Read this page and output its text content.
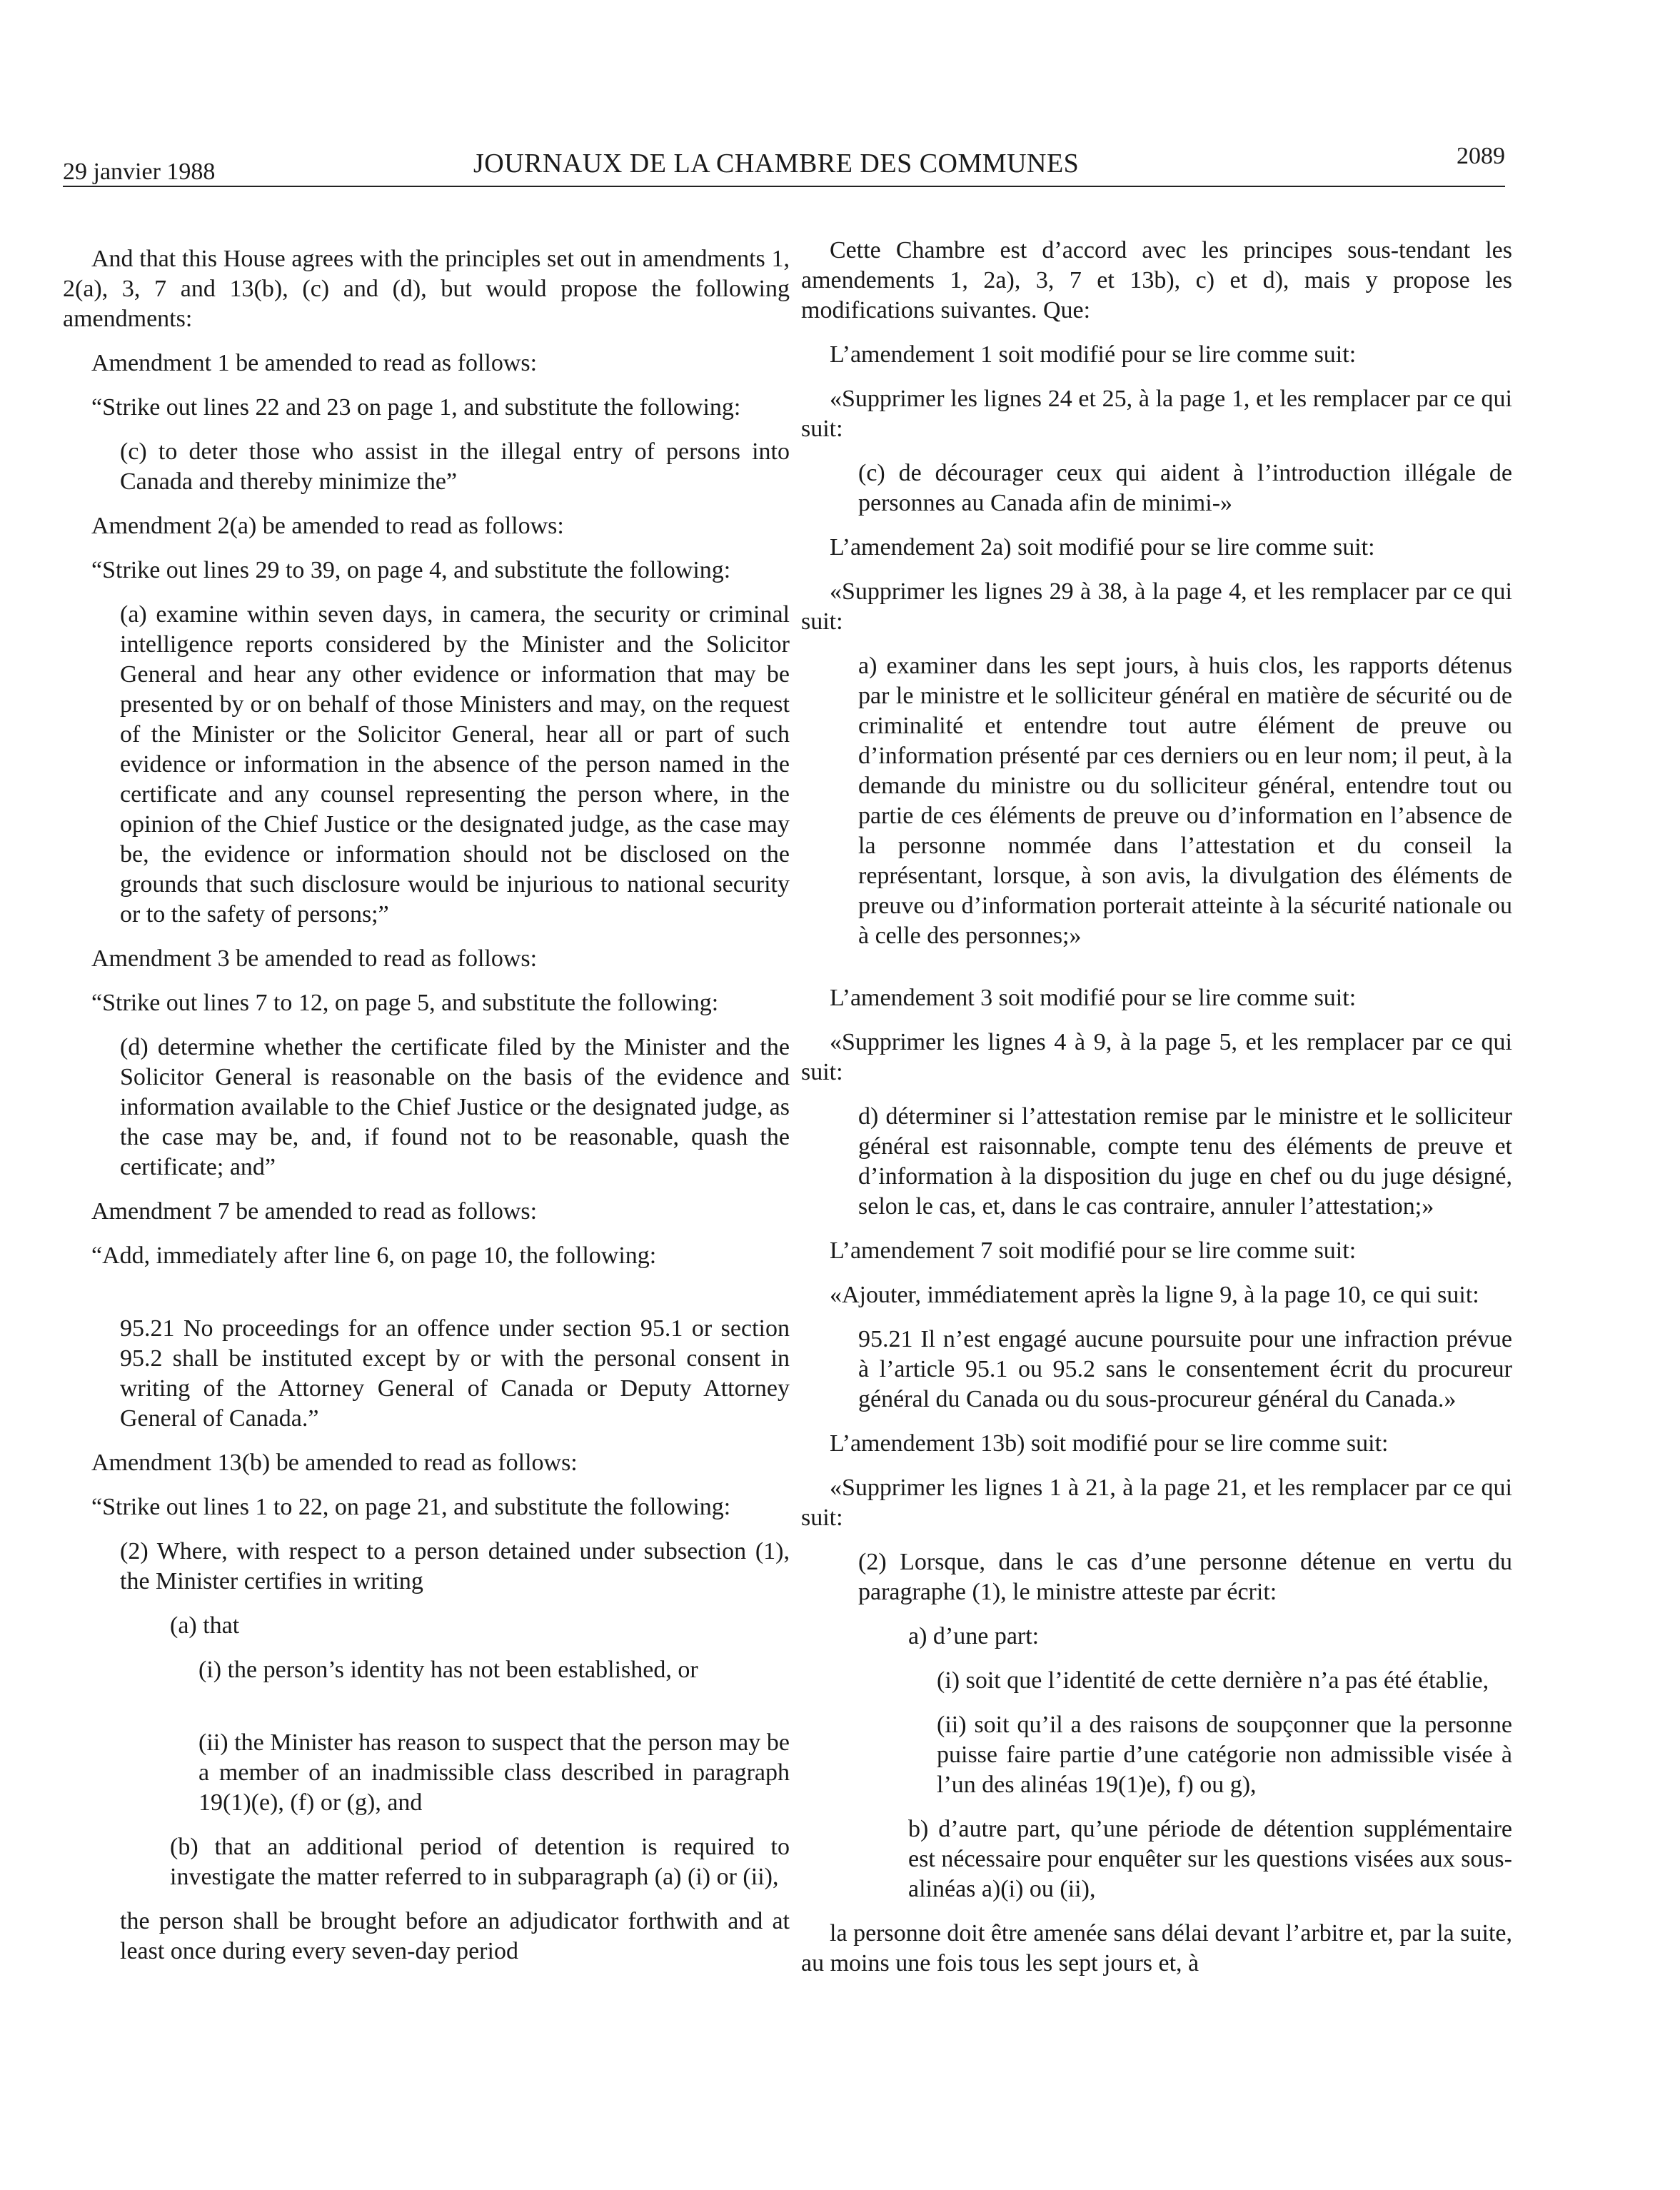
29 janvier 1988	JOURNAUX DE LA CHAMBRE DES COMMUNES	2089

And that this House agrees with the principles set out in amendments 1, 2(a), 3, 7 and 13(b), (c) and (d), but would propose the following amendments:

Amendment 1 be amended to read as follows:

“Strike out lines 22 and 23 on page 1, and substitute the following:

(c) to deter those who assist in the illegal entry of persons into Canada and thereby minimize the”

Amendment 2(a) be amended to read as follows:

“Strike out lines 29 to 39, on page 4, and substitute the following:

(a) examine within seven days, in camera, the security or criminal intelligence reports considered by the Minister and the Solicitor General and hear any other evidence or information that may be presented by or on behalf of those Ministers and may, on the request of the Minister or the Solicitor General, hear all or part of such evidence or information in the absence of the person named in the certificate and any counsel representing the person where, in the opinion of the Chief Justice or the designated judge, as the case may be, the evidence or information should not be disclosed on the grounds that such disclosure would be injurious to national security or to the safety of persons;”

Amendment 3 be amended to read as follows:

“Strike out lines 7 to 12, on page 5, and substitute the following:

(d) determine whether the certificate filed by the Minister and the Solicitor General is reasonable on the basis of the evidence and information available to the Chief Justice or the designated judge, as the case may be, and, if found not to be reasonable, quash the certificate; and”

Amendment 7 be amended to read as follows:

“Add, immediately after line 6, on page 10, the following:

95.21 No proceedings for an offence under section 95.1 or section 95.2 shall be instituted except by or with the personal consent in writing of the Attorney General of Canada or Deputy Attorney General of Canada.”

Amendment 13(b) be amended to read as follows:

“Strike out lines 1 to 22, on page 21, and substitute the following:

(2) Where, with respect to a person detained under subsection (1), the Minister certifies in writing

(a) that

(i) the person’s identity has not been established, or

(ii) the Minister has reason to suspect that the person may be a member of an inadmissible class described in paragraph 19(1)(e), (f) or (g), and

(b) that an additional period of detention is required to investigate the matter referred to in subparagraph (a) (i) or (ii),

the person shall be brought before an adjudicator forthwith and at least once during every seven-day period

Cette Chambre est d’accord avec les principes sous-tendant les amendements 1, 2a), 3, 7 et 13b), c) et d), mais y propose les modifications suivantes. Que:

L’amendement 1 soit modifié pour se lire comme suit:

«Supprimer les lignes 24 et 25, à la page 1, et les remplacer par ce qui suit:

(c) de décourager ceux qui aident à l’introduction illégale de personnes au Canada afin de minimi-»

L’amendement 2a) soit modifié pour se lire comme suit:

«Supprimer les lignes 29 à 38, à la page 4, et les remplacer par ce qui suit:

a) examiner dans les sept jours, à huis clos, les rapports détenus par le ministre et le solliciteur général en matière de sécurité ou de criminalité et entendre tout autre élément de preuve ou d’information présenté par ces derniers ou en leur nom; il peut, à la demande du ministre ou du solliciteur général, entendre tout ou partie de ces éléments de preuve ou d’information en l’absence de la personne nommée dans l’attestation et du conseil la représentant, lorsque, à son avis, la divulgation des éléments de preuve ou d’information porterait atteinte à la sécurité nationale ou à celle des personnes;»

L’amendement 3 soit modifié pour se lire comme suit:

«Supprimer les lignes 4 à 9, à la page 5, et les remplacer par ce qui suit:

d) déterminer si l’attestation remise par le ministre et le solliciteur général est raisonnable, compte tenu des éléments de preuve et d’information à la disposition du juge en chef ou du juge désigné, selon le cas, et, dans le cas contraire, annuler l’attestation;»

L’amendement 7 soit modifié pour se lire comme suit:

«Ajouter, immédiatement après la ligne 9, à la page 10, ce qui suit:

95.21 Il n’est engagé aucune poursuite pour une infraction prévue à l’article 95.1 ou 95.2 sans le consentement écrit du procureur général du Canada ou du sous-procureur général du Canada.»

L’amendement 13b) soit modifié pour se lire comme suit:

«Supprimer les lignes 1 à 21, à la page 21, et les remplacer par ce qui suit:

(2) Lorsque, dans le cas d’une personne détenue en vertu du paragraphe (1), le ministre atteste par écrit:

a) d’une part:

(i) soit que l’identité de cette dernière n’a pas été établie,

(ii) soit qu’il a des raisons de soupçonner que la personne puisse faire partie d’une catégorie non admissible visée à l’un des alinéas 19(1)e), f) ou g),

b) d’autre part, qu’une période de détention supplémentaire est nécessaire pour enquêter sur les questions visées aux sous-alinéas a)(i) ou (ii),

la personne doit être amenée sans délai devant l’arbitre et, par la suite, au moins une fois tous les sept jours et, à
